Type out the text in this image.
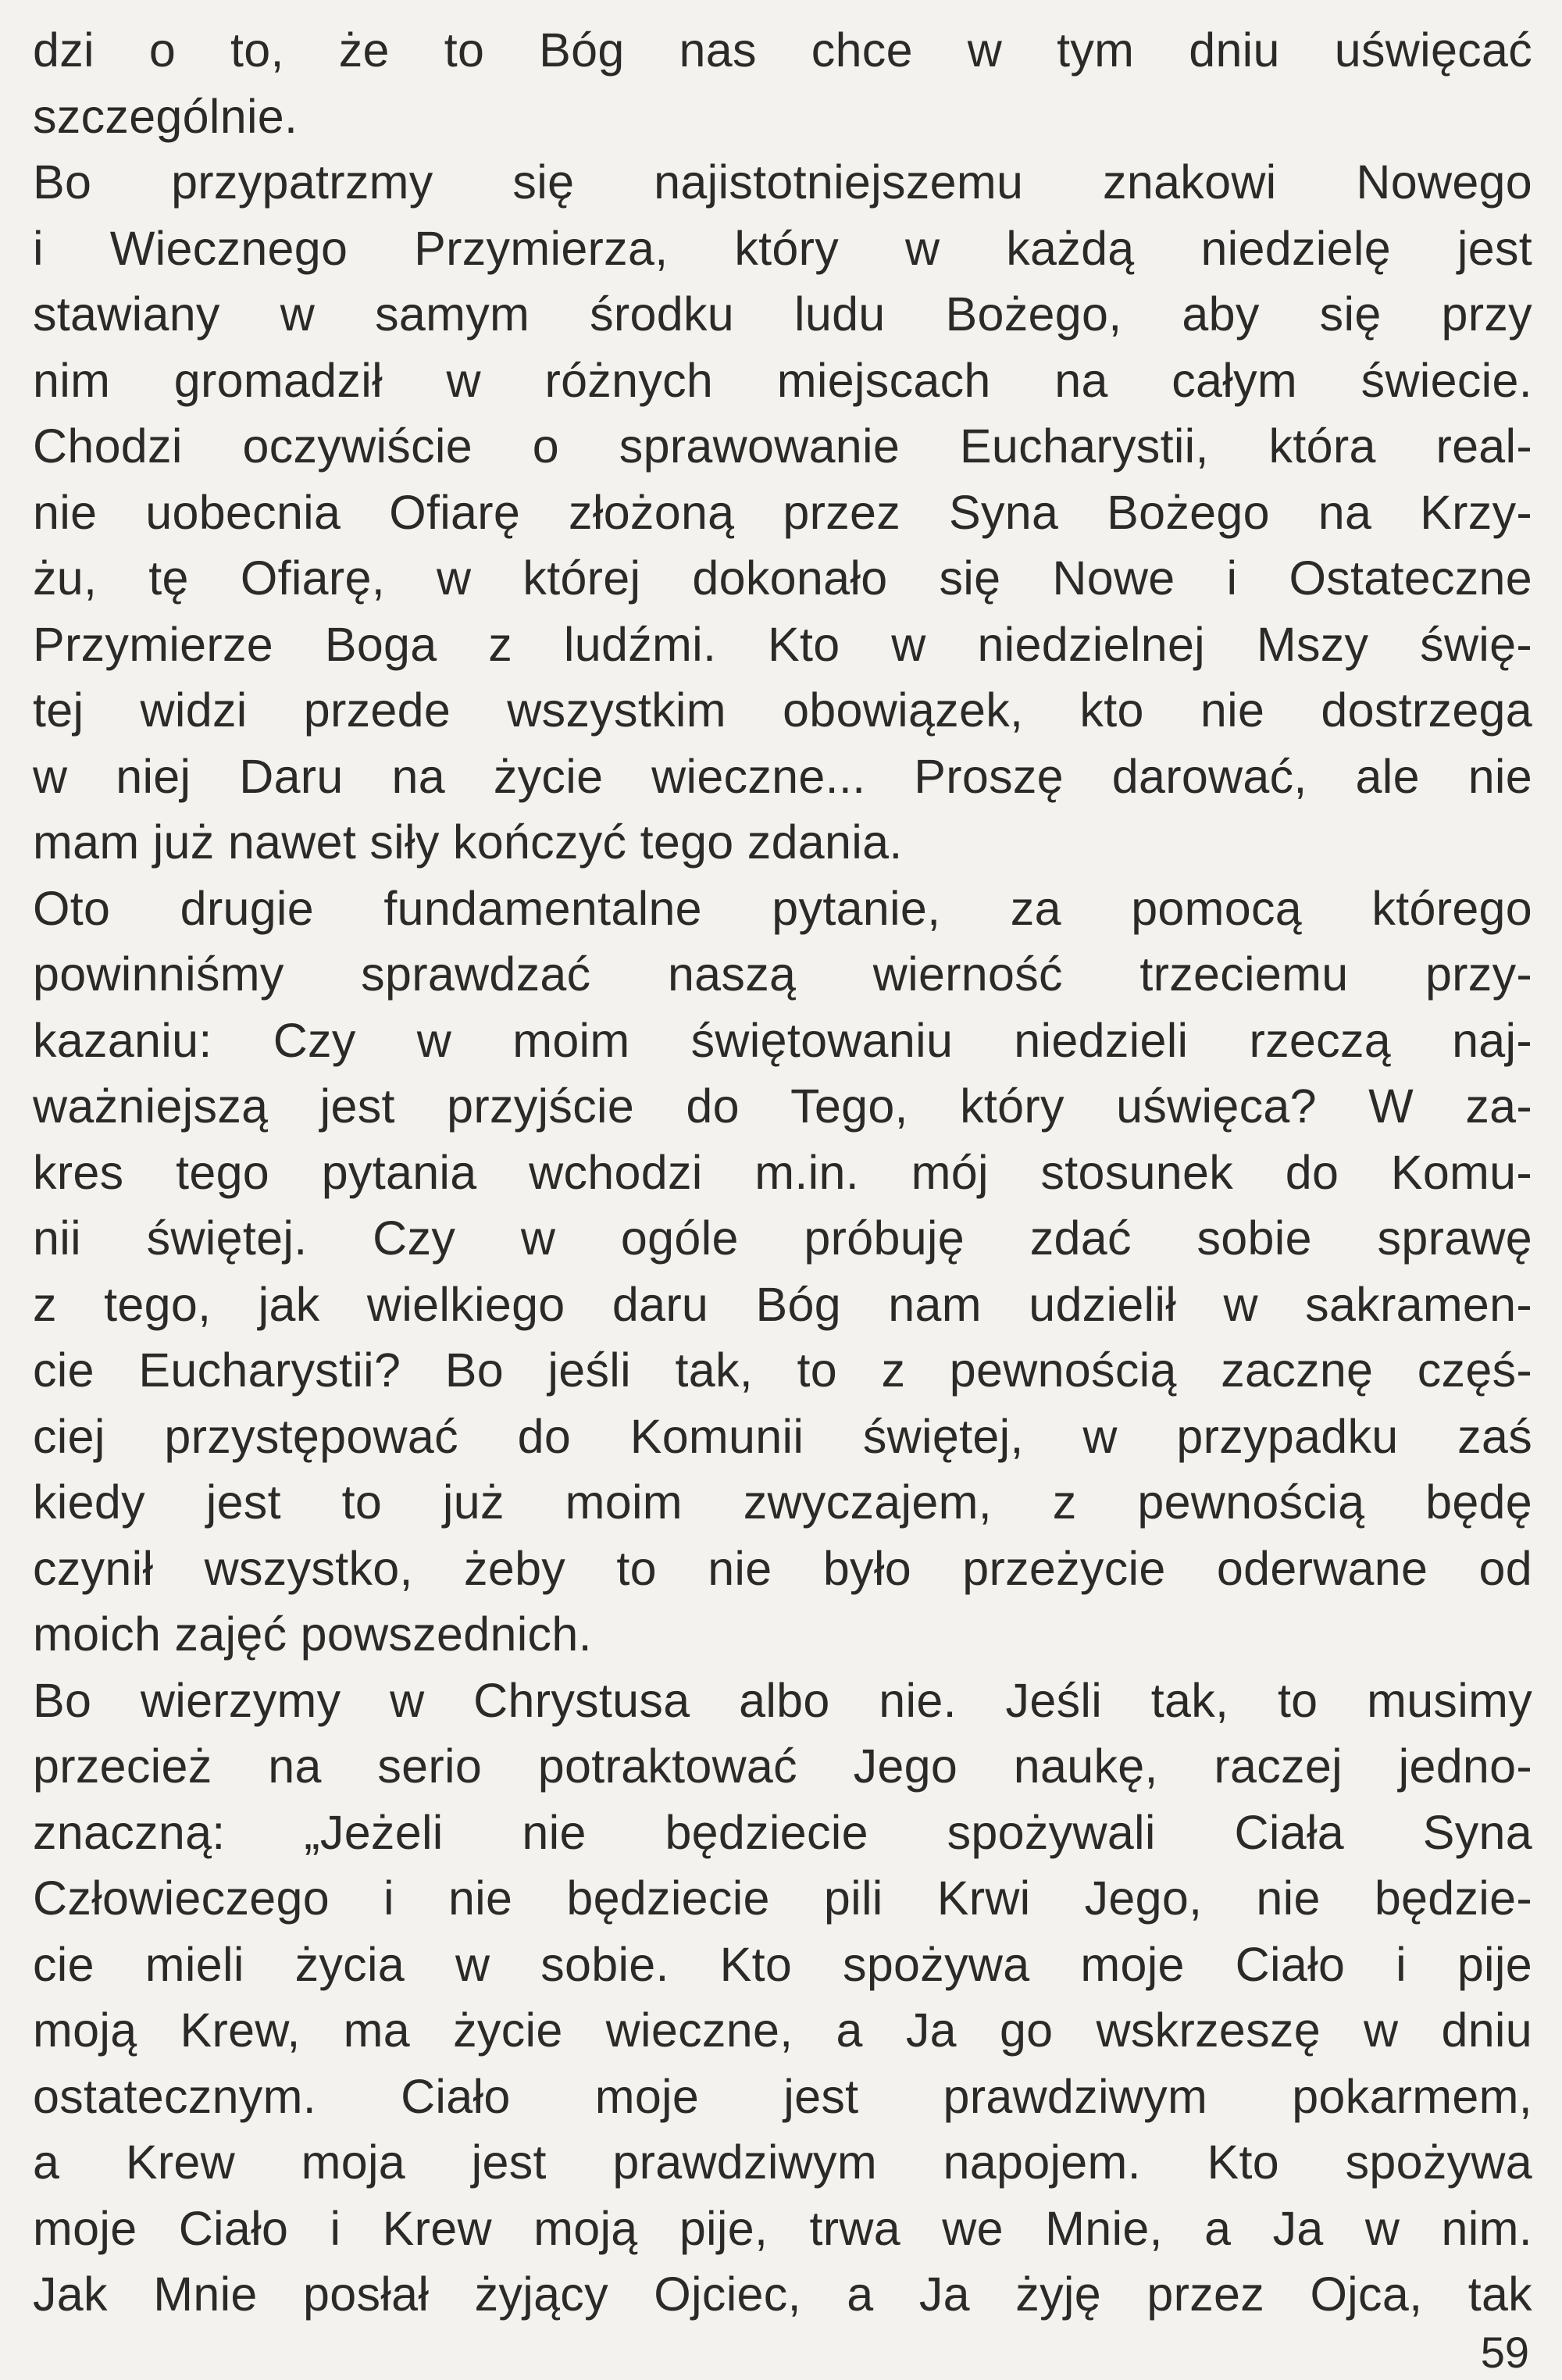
dzi o to, że to Bóg nas chce w tym dniu uświęcać
szczególnie.

Bo przypatrzmy się najistotniejszemu znakowi Nowego
i Wiecznego Przymierza, który w każdą niedzielę jest
stawiany w samym środku ludu Bożego, aby się przy
nim gromadził w różnych miejscach na całym świecie.
Chodzi oczywiście o sprawowanie Eucharystii, która real-
nie uobecnia Ofiarę złożoną przez Syna Bożego na Krzy-
żu, tę Ofiarę, w której dokonało się Nowe i Ostateczne
Przymierze Boga z ludźmi. Kto w niedzielnej Mszy świę-
tej widzi przede wszystkim obowiązek, kto nie dostrzega
w niej Daru na życie wieczne... Proszę darować, ale nie
mam już nawet siły kończyć tego zdania.

Oto drugie fundamentalne pytanie, za pomocą którego
powinniśmy sprawdzać naszą wierność trzeciemu przy-
kazaniu: Czy w moim świętowaniu niedzieli rzeczą naj-
ważniejszą jest przyjście do Tego, który uświęca? W za-
kres tego pytania wchodzi m.in. mój stosunek do Komu-
nii świętej. Czy w ogóle próbuję zdać sobie sprawę
z tego, jak wielkiego daru Bóg nam udzielił w sakramen-
cie Eucharystii? Bo jeśli tak, to z pewnością zacznę częś-
ciej przystępować do Komunii świętej, w przypadku zaś
kiedy jest to już moim zwyczajem, z pewnością będę
czynił wszystko, żeby to nie było przeżycie oderwane od
moich zajęć powszednich.

Bo wierzymy w Chrystusa albo nie. Jeśli tak, to musimy
przecież na serio potraktować Jego naukę, raczej jedno-
znaczną: „Jeżeli nie będziecie spożywali Ciała Syna
Człowieczego i nie będziecie pili Krwi Jego, nie będzie-
cie mieli życia w sobie. Kto spożywa moje Ciało i pije
moją Krew, ma życie wieczne, a Ja go wskrzeszę w dniu
ostatecznym. Ciało moje jest prawdziwym pokarmem,
a Krew moja jest prawdziwym napojem. Kto spożywa
moje Ciało i Krew moją pije, trwa we Mnie, a Ja w nim.
Jak Mnie posłał żyjący Ojciec, a Ja żyję przez Ojca, tak

59
